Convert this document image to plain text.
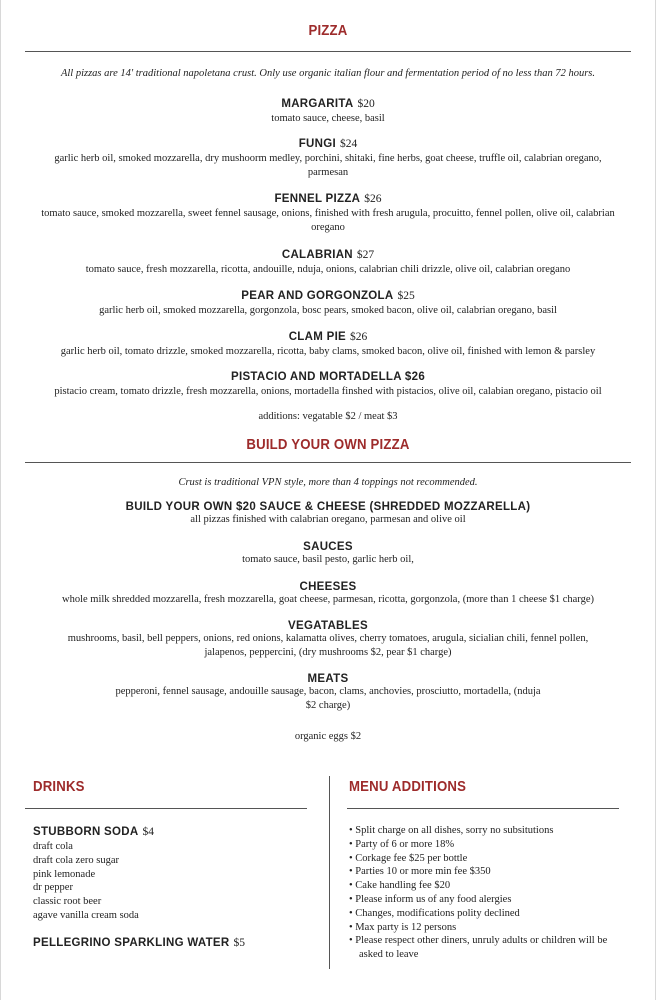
PIZZA
All pizzas are 14' traditional napoletana crust. Only use organic italian flour and fermentation period of no less than 72 hours.
MARGARITA $20
tomato sauce, cheese, basil
FUNGI $24
garlic herb oil, smoked mozzarella, dry mushoorm medley, porchini, shitaki, fine herbs, goat cheese, truffle oil, calabrian oregano, parmesan
FENNEL PIZZA $26
tomato sauce, smoked mozzarella, sweet fennel sausage, onions, finished with fresh arugula, procuitto, fennel pollen, olive oil, calabrian oregano
CALABRIAN $27
tomato sauce, fresh mozzarella, ricotta, andouille, nduja, onions, calabrian chili drizzle, olive oil, calabrian oregano
PEAR AND GORGONZOLA $25
garlic herb oil, smoked mozzarella, gorgonzola, bosc pears, smoked bacon, olive oil, calabrian oregano, basil
CLAM PIE $26
garlic herb oil, tomato drizzle, smoked mozzarella, ricotta, baby clams, smoked bacon, olive oil, finished with lemon & parsley
PISTACIO AND MORTADELLA $26
pistacio cream, tomato drizzle, fresh mozzarella, onions, mortadella finshed with pistacios, olive oil, calabian oregano, pistacio oil
additions: vegatable $2 / meat $3
BUILD YOUR OWN PIZZA
Crust is traditional VPN style, more than 4 toppings not recommended.
BUILD YOUR OWN $20 SAUCE & CHEESE (SHREDDED MOZZARELLA)
all pizzas finished with calabrian oregano, parmesan and olive oil
SAUCES
tomato sauce, basil pesto, garlic herb oil,
CHEESES
whole milk shredded mozzarella, fresh mozzarella, goat cheese, parmesan, ricotta, gorgonzola, (more than 1 cheese $1 charge)
VEGATABLES
mushrooms, basil, bell peppers, onions, red onions, kalamatta olives, cherry tomatoes, arugula, sicialian chili, fennel pollen, jalapenos, peppercini, (dry mushrooms $2, pear $1 charge)
MEATS
pepperoni, fennel sausage, andouille sausage, bacon, clams, anchovies, prosciutto, mortadella, (nduja $2 charge)
organic eggs $2
DRINKS
STUBBORN SODA $4
draft cola
draft cola zero sugar
pink lemonade
dr pepper
classic root beer
agave vanilla cream soda
PELLEGRINO SPARKLING WATER $5
MENU ADDITIONS
• Split charge on all dishes, sorry no subsitutions
• Party of 6 or more 18%
• Corkage fee $25 per bottle
• Parties 10 or more min fee $350
• Cake handling fee $20
• Please inform us of any food alergies
• Changes, modifications polity declined
• Max party is 12 persons
• Please respect other diners, unruly adults or children will be asked to leave
